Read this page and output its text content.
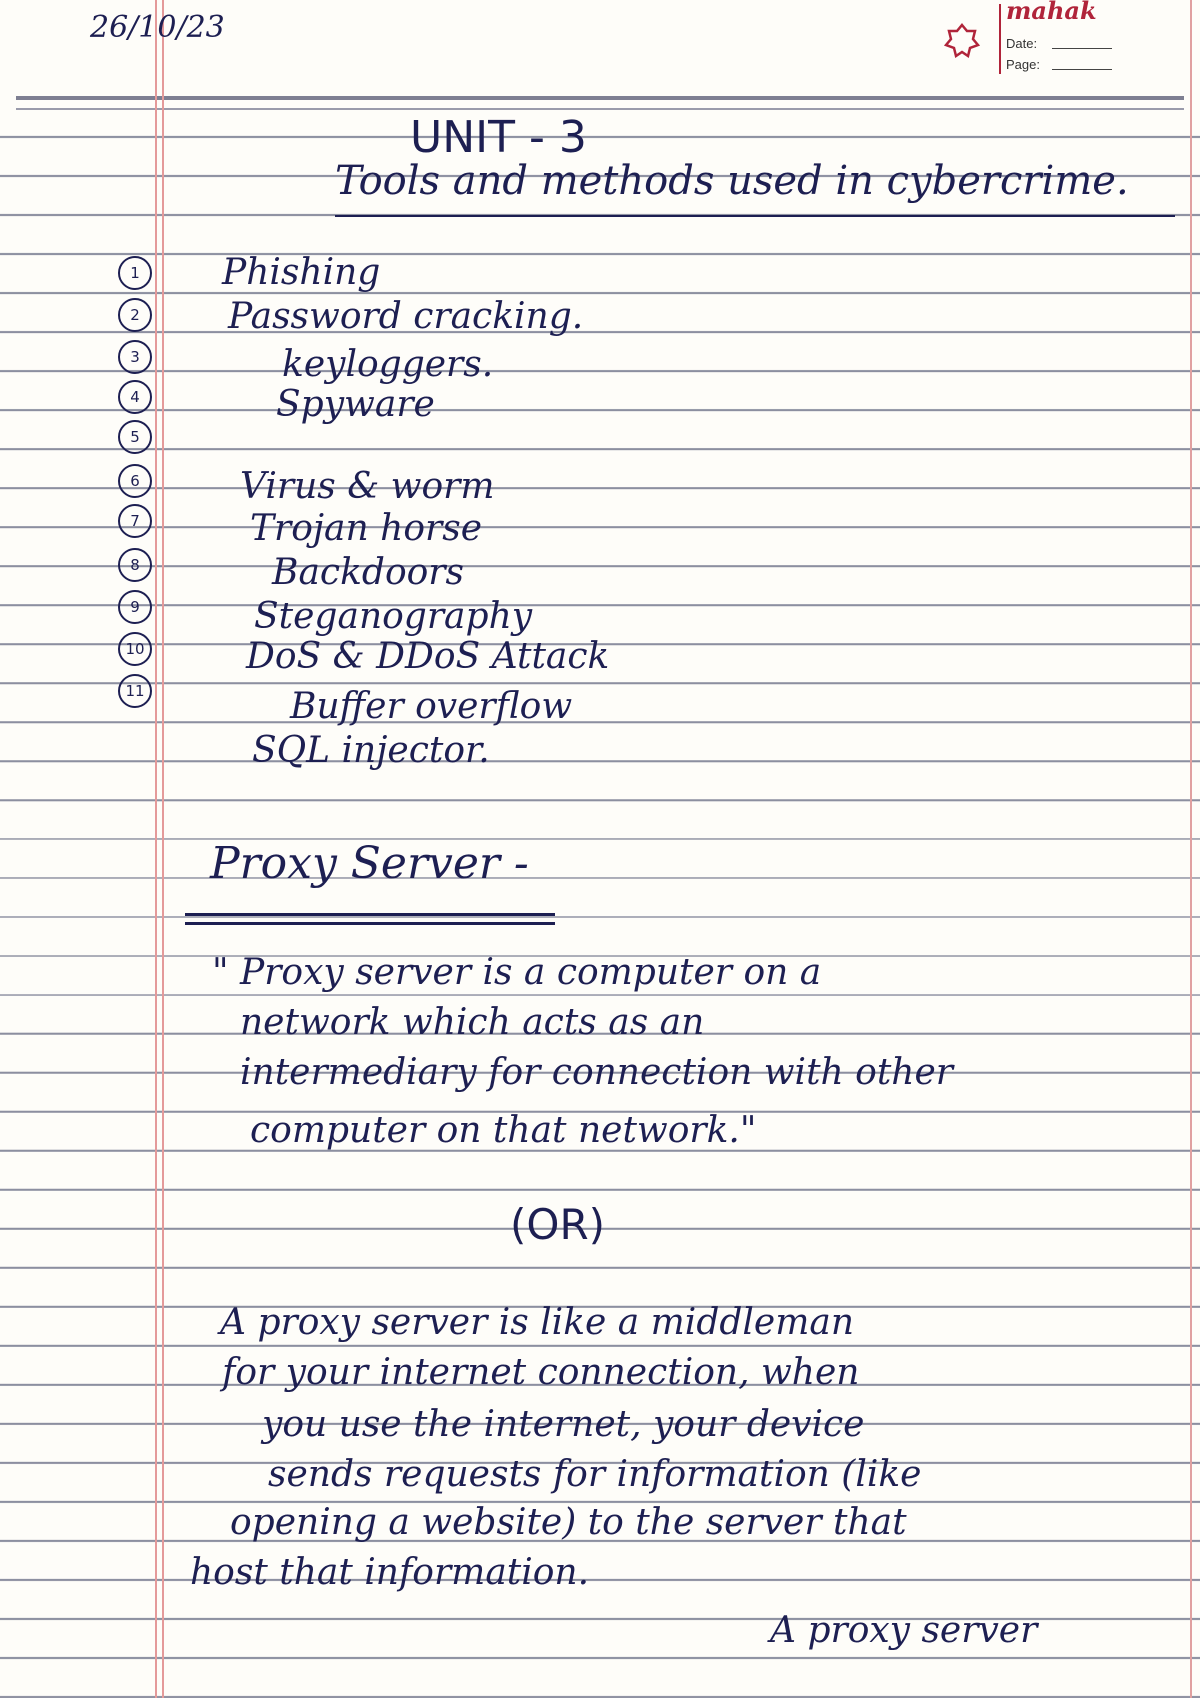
26/10/23	mahak
Date:
Page:
UNIT - 3
Tools and methods used in cybercrime.
1	Phishing
2	Password cracking.
3	keyloggers.
4	Spyware
5
Virus & worm
6
Trojan horse
7
Backdoors
8
Steganography
9
DoS & DDoS Attack
10
Buffer overflow
11
SQL injector.
Proxy Server -
" Proxy server is a computer on a
network which acts as an
intermediary for connection with other
computer on that network."
(OR)
A proxy server is like a middleman
for your internet connection, when
you use the internet, your device
sends requests for information (like
opening a website) to the server that
host that information.
A proxy server
